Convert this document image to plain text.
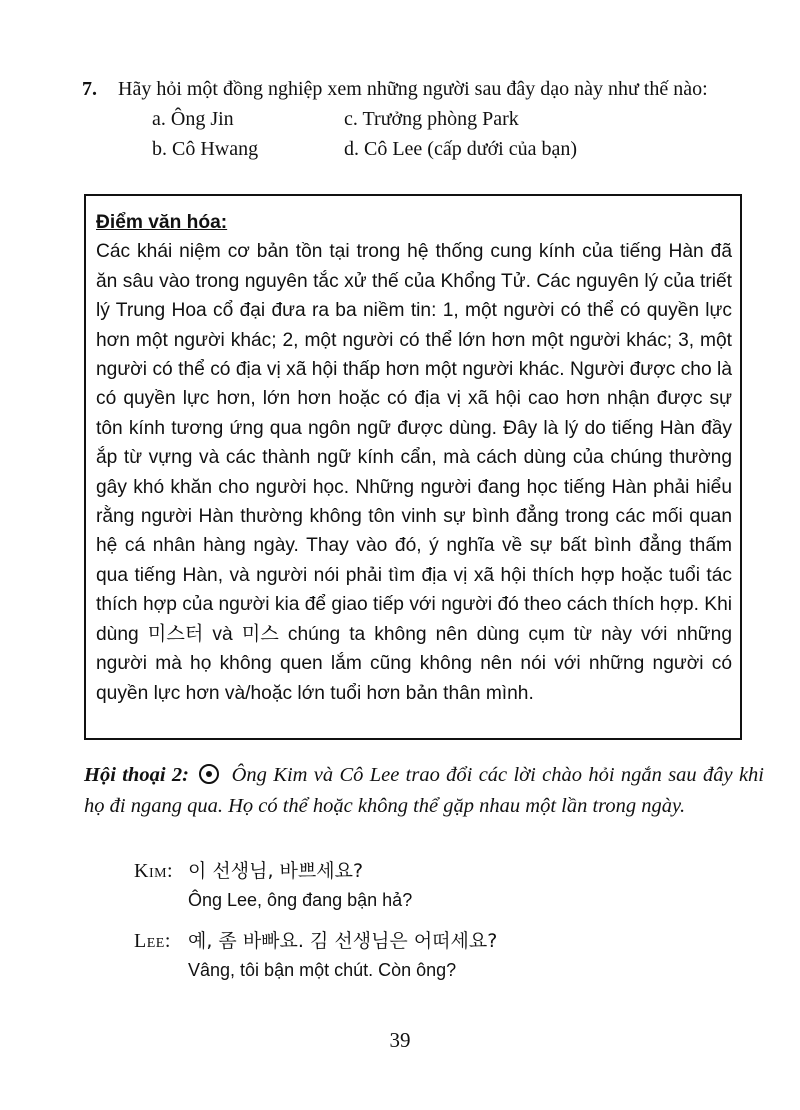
7. Hãy hỏi một đồng nghiệp xem những người sau đây dạo này như thế nào:
a. Ông Jin
b. Cô Hwang
c. Trưởng phòng Park
d. Cô Lee (cấp dưới của bạn)
Điểm văn hóa:
Các khái niệm cơ bản tồn tại trong hệ thống cung kính của tiếng Hàn đã ăn sâu vào trong nguyên tắc xử thế của Khổng Tử. Các nguyên lý của triết lý Trung Hoa cổ đại đưa ra ba niềm tin: 1, một người có thể có quyền lực hơn một người khác; 2, một người có thể lớn hơn một người khác; 3, một người có thể có địa vị xã hội thấp hơn một người khác. Người được cho là có quyền lực hơn, lớn hơn hoặc có địa vị xã hội cao hơn nhận được sự tôn kính tương ứng qua ngôn ngữ được dùng. Đây là lý do tiếng Hàn đầy ắp từ vựng và các thành ngữ kính cẩn, mà cách dùng của chúng thường gây khó khăn cho người học. Những người đang học tiếng Hàn phải hiểu rằng người Hàn thường không tôn vinh sự bình đẳng trong các mối quan hệ cá nhân hàng ngày. Thay vào đó, ý nghĩa về sự bất bình đẳng thấm qua tiếng Hàn, và người nói phải tìm địa vị xã hội thích hợp hoặc tuổi tác thích hợp của người kia để giao tiếp với người đó theo cách thích hợp. Khi dùng 미스터 và 미스 chúng ta không nên dùng cụm từ này với những người mà họ không quen lắm cũng không nên nói với những người có quyền lực hơn và/hoặc lớn tuổi hơn bản thân mình.
Hội thoại 2: Ông Kim và Cô Lee trao đổi các lời chào hỏi ngắn sau đây khi họ đi ngang qua. Họ có thể hoặc không thể gặp nhau một lần trong ngày.
Kim: 이 선생님, 바쁘세요?
Ông Lee, ông đang bận hả?
Lee: 예, 좀 바빠요. 김 선생님은 어떠세요?
Vâng, tôi bận một chút. Còn ông?
39
